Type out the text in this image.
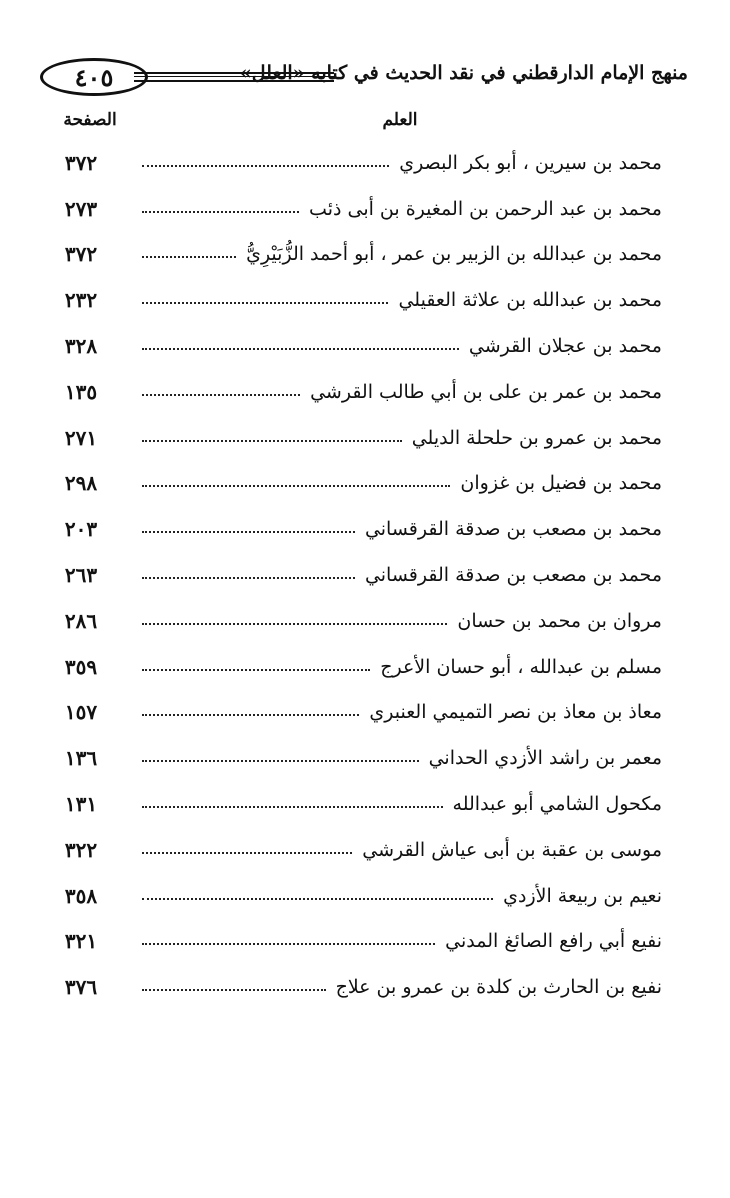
٤٠٥	منهج الإمام الدارقطني في نقد الحديث في كتابه «العلل»
العلم
الصفحة
٣٧٢	محمد بن سيرين ، أبو بكر البصري
٢٧٣	محمد بن عبد الرحمن بن المغيرة بن أبى ذئب
٣٧٢	محمد بن عبدالله بن الزبير بن عمر ، أبو أحمد الزُّبَيْرِيُّ
٢٣٢	محمد بن عبدالله بن علاثة العقيلي
٣٢٨	محمد بن عجلان القرشي
١٣٥	محمد بن عمر بن على بن أبي طالب القرشي
٢٧١	محمد بن عمرو بن حلحلة الديلي
٢٩٨	محمد بن فضيل بن غزوان
٢٠٣	محمد بن مصعب بن صدقة القرقساني
٢٦٣	محمد بن مصعب بن صدقة القرقساني
٢٨٦	مروان بن محمد بن حسان
٣٥٩	مسلم بن عبدالله ، أبو حسان الأعرج
١٥٧	معاذ بن معاذ بن نصر التميمي العنبري
١٣٦	معمر بن راشد الأزدي الحداني
١٣١	مكحول الشامي أبو عبدالله
٣٢٢	موسى بن عقبة بن أبى عياش القرشي
٣٥٨	نعيم بن ربيعة الأزدي
٣٢١	نفيع أبي رافع الصائغ المدني
٣٧٦	نفيع بن الحارث بن كلدة بن عمرو بن علاج
